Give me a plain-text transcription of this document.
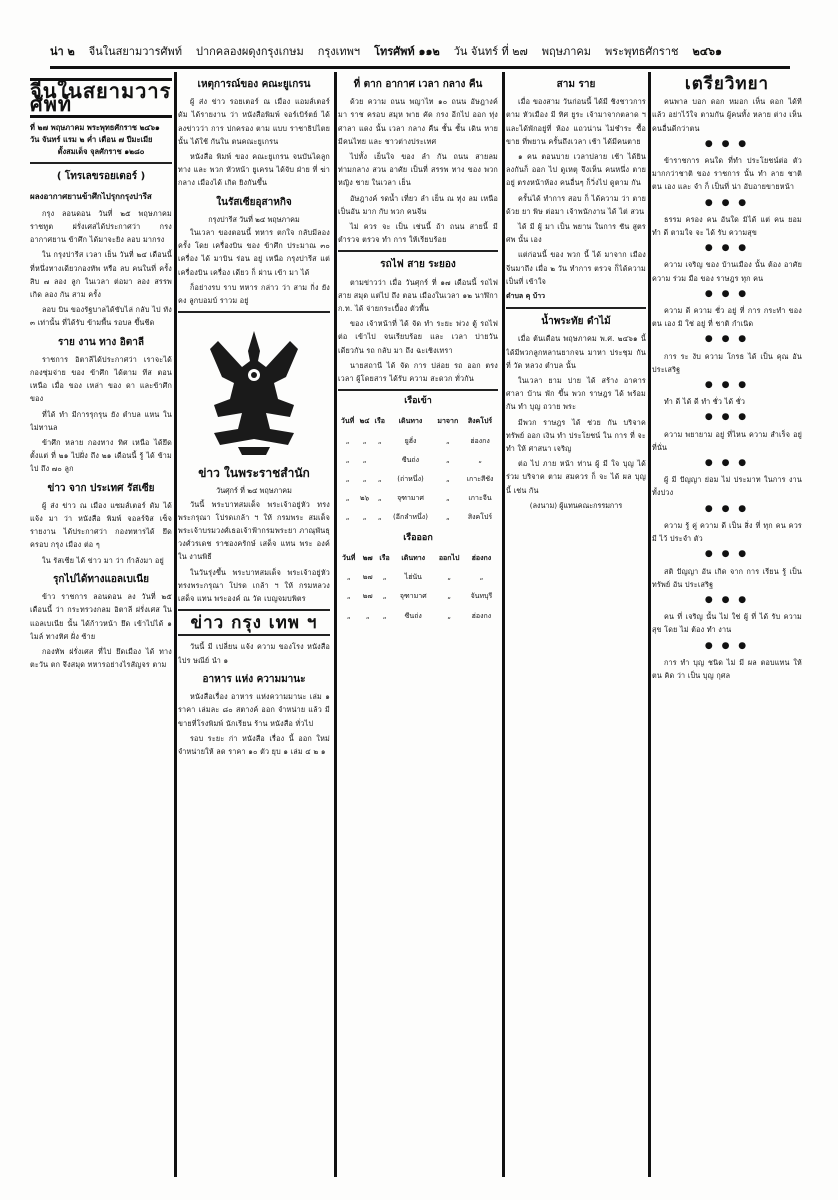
น่า ๒ จีนในสยามวารศัพท์ ปากคลองผดุงกรุงเกษม กรุงเทพฯ โทรศัพท์ ๑๑๒ วัน จันทร์ ที่ ๒๗ พฤษภาคม พระพุทธศักราช ๒๔๖๑
จีนในสยามวารศัพท์
ที่ ๒๗ พฤษภาคม พระพุทธศักราช ๒๔๖๑
วัน จันทร์ แรม ๒ ค่ำ เดือน ๗ ปีมะเมีย
ตั้งสมเด็จ จุลศักราช ๑๒๘๐
( โทรเลขรอยเตอร์ )
ผลงอากาศยานข้าศึกไปรุกกรุงปารีส

กรุง ลอนดอน วันที่ ๒๕ พฤษภาคม ราชทูต ฝรั่งเศสได้ประกาศว่า กรง อากาศยาน ข้าศึก ได้มาจะยิง ลอบ มากรง

ใน กรุงปารีส เวลา เย็น วันที่ ๒๔ เดือนนี้ ที่หนึ่งทางเดียวกองทัพ หรือ ลบ คนในที่ ครั้ง สิบ ๗ ลอง ลูก ในเวลา ต่อมา ลอง สรรพ เกิด ลอง กัน สาม ครั้ง

ลอบ บิน ของรัฐบาลได้ขับไล่ กลับ ไป ทัง ๓ เท่านั้น ที่ได้รับ ข้ามพื้น รอบล ขึ้นชีด

ราย งาน ทาง อิตาลี

ราชการ อิตาลีได้ประกาศว่า เราจะได้ กองซุ่มจ่าย ของ ข้าศึก ได้ตาม ทีส ตอนเหนือ เมื่อ ของ เหล่า ของ ดา และข้าศึก ของ

ที่ได้ ทำ มีการรุกรุน ยัง ตำบล แหน ใน ไม่ทานล

ข้าศึก หลาย กองทาง ทิศ เหนือ ได้ยึด ตั้งแต่ ที่ ๒๑ ไปฝั่ง ถึง ๒๑ เดือนนี้ รู้ ได้ ข้ามไป ถึง ๗๐ ลูก

ข่าว จาก ประเทศ รัสเซีย

ผู้ ส่ง ข่าว ณ เมือง แซมส์เตอร์ ดัม ได้ แจ้ง มา ว่า หนังสือ พิมพ์ จอลร์จิส เซ็จ รายงาน ได้ประกาศว่า กองทหารได้ ยึด ครอบ กรุง เมือง ต่อ ๆ

ใน รัสเซีย ได้ ข่าว มา ว่า กำลังมา อยู่

รุกไปได้ทางแอลเบเนีย

ข้าว ราชการ ลอนดอน ลง วันที่ ๒๕ เดือนนี้ ว่า กระทรวงกลม อิตาลี ฝรั่งเศส ในแอลเบเนีย นั้น ได้ก้าวหน้า ยึด เข้าไปได้ ๑ ไมล์ ทางทิศ ฝั่ง ซ้าย

กองทัพ ฝรั่งเศส ที่ไป ยึดเมือง ได้ ทางตะวัน ตก จึงสมุด ทหารอย่างไรสัญจร ตาม

เหตุการณ์ของ คณะยูเกรน

ผู้ ส่ง ข่าว รอยเตอร์ ณ เมือง แอมส์เตอร์ ดัม ได้รายงาน ว่า หนังสือพิมพ์ จอร์เบิร์ตย์ ได้ลงข่าวว่า การ ปกครอง ตาม แบบ ราชาธิปไตย นั้น ได้ใช้ กันใน ตนคณะยูเกรน

หนังสือ พิมพ์ ของ คณะยูเกรน จนบันไดลูก ทาง และ พวก หัวหน้า ยูเครน ได้จับ ฝ่าย ที่ ฆ่ากลาง เมืองได้ เกิด ยิงกันขึ้น

ในรัสเซียอุสาหกิจ
กรุงปารีส วันที่ ๒๔ พฤษภาคม

ในเวลา ของตอนนี้ ทหาร ตกใจ กลับมีลอง ครั้ง โดย เครื่องบิน ของ ข้าศึก ประมาณ ๓๐ เครื่อง ได้ มาบิน ร่อน อยู่ เหนือ กรุงปารีส แต่ เครื่องบิน เครื่อง เดียว ก็ ผ่าน เข้า มา ได้

ก็อย่างรบ ราบ ทหาร กล่าว ว่า สาม กิ่ง ยังคง ลูกบอมบ์ ราวม อยู่

ข่าว ในพระราชสำนัก
วันศุกร์ ที่ ๒๔ พฤษภาคม

วันนี้ พระบาทสมเด็จ พระเจ้าอยู่หัว ทรง พระกรุณา โปรดเกล้า ฯ ให้ กรมพระ สมเด็จ พระเจ้าบรมวงศ์เธอเจ้าฟ้ากรมพระยา ภาณุพันธุวงศ์วรเดช ราชองครักษ์ เสด็จ แทน พระ องค์ ใน งานพิธี

ในวันรุ่งขึ้น พระบาทสมเด็จ พระเจ้าอยู่หัว ทรงพระกรุณา โปรด เกล้า ฯ ให้ กรมหลวง เสด็จ แทน พระองค์ ณ วัด เบญจมบพิตร

ข่าว กรุง เทพ ฯ

วันนี้ มี เปลี่ยน แจ้ง ความ ของโรง หนังสือ ไปร ษณีย์ นำ ๑

อาหาร แห่ง ความมานะ

หนังสือเรื่อง อาหาร แห่งความมานะ เล่ม ๑ ราคา เล่มละ ๘๐ สตางค์ ออก จำหน่าย แล้ว มีขายที่โรงพิมพ์ นักเรียน ร้าน หนังสือ ทั่วไป

รอบ ระยะ ก่า หนังสือ เรื่อง นี้ ออก ใหม่ จำหน่ายให้ ลด ราคา ๑๐ ตัว ยุบ ๑ เล่ม ๔ ๒ ๑

ที่ ตาก อากาศ เวลา กลาง คืน

ด้วย ความ ถนน พญาไท ๑๐ ถนน อัษฎางค์ มา ราช ครอบ สมุห พาย คัด กรง อีกไป ออก ทุ่ง ศาลา แดง นั้น เวลา กลาง คืน ชั้น ชั้น เดิน หาย มีคนไทย และ ชาวต่างประเทศ

ไปทั้ง เย็นใจ ของ ลำ กัน ถนน สายลม ท่ามกลาง สวน อาศัย เป็นที่ สรรพ ทาง ของ พวก หญิง ชาย ในเวลา เย็น

อัษฎางค์ รดน้ำ เที่ยว ลำ เย็น ณ ทุ่ง ลม เหนือ เป็นอัน มาก กับ พวก คนจีน

ไม่ ควร จะ เป็น เช่นนี้ ถ้า ถนน สายนี้ มี ตำรวจ ตรวจ ทำ การ ให้เรียบร้อย

รถไฟ สาย ระยอง

ตามข่าวว่า เมื่อ วันศุกร์ ที่ ๑๗ เดือนนี้ รถไฟ สาย สมุด แต่ไป ถึง ตอน เมืองในเวลา ๑๒ นาฬิกา ก.ท. ได้ จ่ายกระเบื้อง ตัวพื้น

ของ เจ้าหน้าที่ ได้ จัด ทำ ระยะ พ่วง ตู้ รถไฟ ต่อ เข้าไป จนเรียบร้อย และ เวลา บ่ายวัน เดียวกัน รถ กลับ มา ถึง ฉะเชิงเทรา

นายสถานี ได้ จัด การ ปล่อย รถ ออก ตรง เวลา ผู้โดยสาร ได้รับ ความ สะดวก ทั่วกัน

เรือเข้า
วันที่	๒๔	เรือ	เดินทาง	มาจาก	สิงคโปร์
„	„	„	ยูฮั่ง	„	ฮ่องกง
„	„		ซีนถ่ง	„	„
„	„	„	(ถ่าหนึ่ง)	„	เกาะสีชัง
„	๒๖	„	จุฑามาศ	„	เกาะจีน
„	„	„	(อีกลำหนึ่ง)	„	สิงคโปร์
เรือออก
วันที่	๒๗	เรือ	เดินทาง	ออกไป	ฮ่องกง
„	๒๗	„	ไฮ่นัน	„	„
„	๒๗	„	จุฑามาศ	„	จันทบุรี
„	„	„	ซีนถ่ง	„	ฮ่องกง
สาม ราย

เมื่อ ของสาม วันก่อนนี้ ได้มี ชิงชาวการ ตาม หัวเมือง มี ทิศ ยูระ เจ้ามาจากตลาด ฯ และได้พักอยู่ที่ ห้อง แถวน่าน ไม่ชำระ ซื้อขาย ที่พยาน ครั้นถึงเวลา เช้า ได้มีคนตาย

๑ คน ตอนบาย เวลาปลาย เช้า ได้ยิน ลงกันก็ ออก ไป ดูเหตุ จึงเห็น คนหนึ่ง ตายอยู่ ตรงหน้าห้อง คนอื่นๆ ก็วิ่งไป ดูตาม กัน

ครั้นได้ ทำการ สอบ ก็ ได้ความ ว่า ตายด้วย ยา พิษ ต่อมา เจ้าพนักงาน ได้ ไต่ สวน

ได้ มี ผู้ มา เป็น พยาน ในการ ชัน สูตร ศพ นั้น เอง

แต่ก่อนนี้ ของ พวก นี้ ได้ มาจาก เมือง จีนมาถึง เมื่อ ๒ วัน ทำการ ตรวจ ก็ได้ความ เป็นที่ เข้าใจ

ตำบล คุ บ้าว
น้ำพระทัย ดำไม้

เมื่อ ต้นเดือน พฤษภาคม พ.ศ. ๒๔๖๑ นี้ได้มีพวกลูกหลานยากจน มาหา ประชุม กันที่ วัด หลวง ตำบล นั้น

ในเวลา ยาม บ่าย ได้ สร้าง อาคาร ศาลา บ้าน พัก ขึ้น พวก ราษฎร ได้ พร้อม กัน ทำ บุญ ถวาย พระ

มีพวก ราษฎร ได้ ช่วย กัน บริจาค ทรัพย์ ออก เงิน ทำ ประโยชน์ ใน การ ที่ จะ ทำ ให้ ศาสนา เจริญ

ต่อ ไป ภาย หน้า ท่าน ผู้ มี ใจ บุญ ได้ ร่วม บริจาค ตาม สมควร ก็ จะ ได้ ผล บุญ นี้ เช่น กัน

(ลงนาม) ผู้แทนคณะกรรมการ
เตรียวิทยา

คนพาล บอก ดอก หมอก เห็น ดอก ได้ทีแล้ว อย่าไว้ใจ ตามกัน ผู้คนทั้ง หลาย ต่าง เห็น คนอื่นดีกว่าตน

● ● ●

ข้าราชการ คนใด ที่ทำ ประโยชน์ต่อ ตัว มากกว่าชาติ ของ ราชการ นั้น ทำ ลาย ชาติ ตน เอง และ จำ ก็ เป็นที่ น่า อับอายขายหน้า

● ● ●

ธรรม ครอง คน อันใด มิได้ แต่ คน ยอม ทำ ดี ตามใจ จะ ได้ รับ ความสุข

● ● ●

ความ เจริญ ของ บ้านเมือง นั้น ต้อง อาศัย ความ ร่วม มือ ของ ราษฎร ทุก คน

● ● ●

ความ ดี ความ ชั่ว อยู่ ที่ การ กระทำ ของ ตน เอง มิ ใช่ อยู่ ที่ ชาติ กำเนิด

● ● ●

การ ระ งับ ความ โกรธ ได้ เป็น คุณ อัน ประเสริฐ

● ● ●

ทำ ดี ได้ ดี ทำ ชั่ว ได้ ชั่ว

● ● ●

ความ พยายาม อยู่ ที่ไหน ความ สำเร็จ อยู่ ที่นั่น

● ● ●

ผู้ มี ปัญญา ย่อม ไม่ ประมาท ในการ งาน ทั้งปวง

● ● ●

ความ รู้ คู่ ความ ดี เป็น สิ่ง ที่ ทุก คน ควร มี ไว้ ประจำ ตัว

● ● ●

สติ ปัญญา อัน เกิด จาก การ เรียน รู้ เป็น ทรัพย์ อัน ประเสริฐ

● ● ●

คน ที่ เจริญ นั้น ไม่ ใช่ ผู้ ที่ ได้ รับ ความ สุข โดย ไม่ ต้อง ทำ งาน

● ● ●

การ ทำ บุญ ชนิด ไม่ มี ผล ตอบแทน ให้ ตน คิด ว่า เป็น บุญ กุศล
